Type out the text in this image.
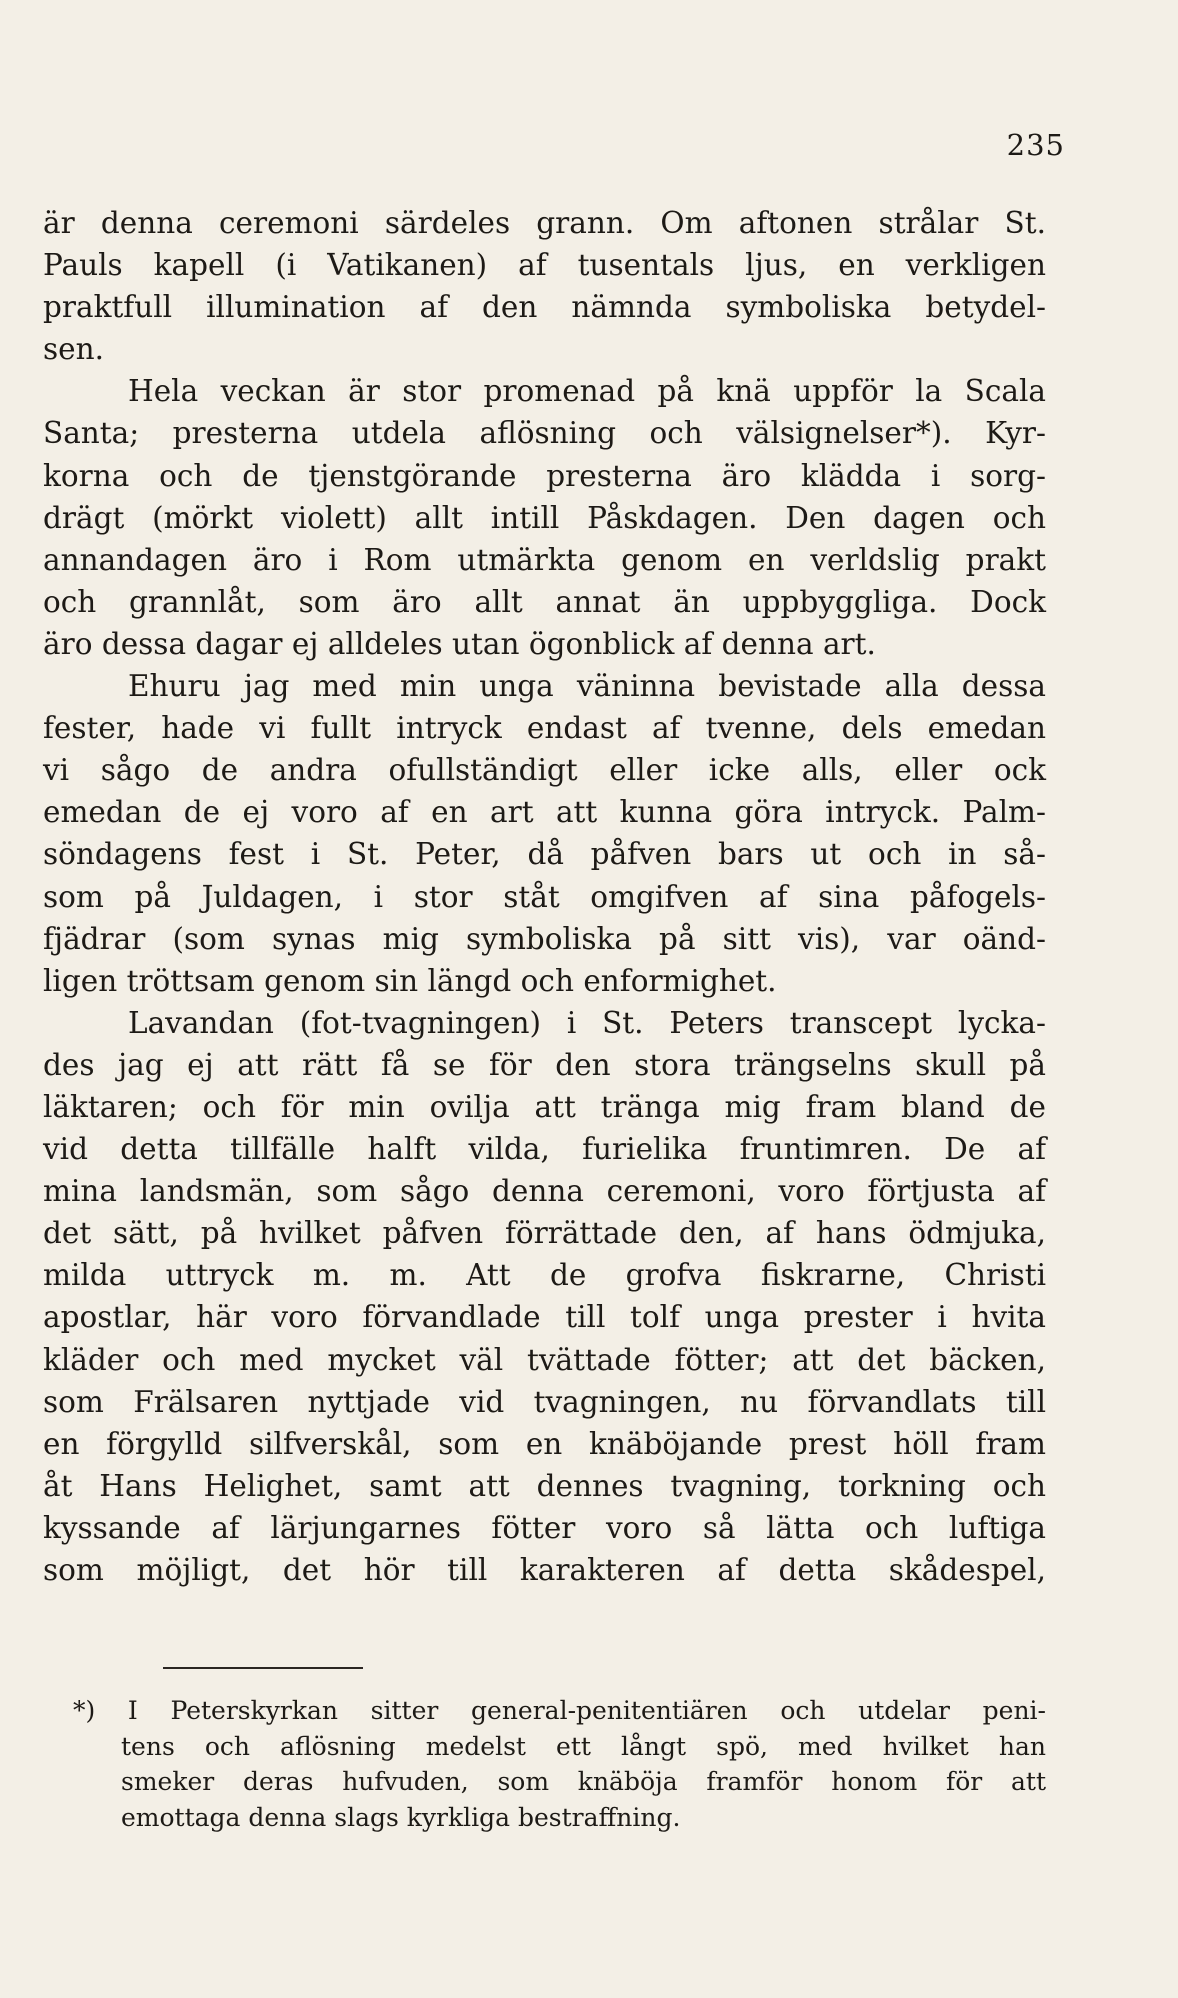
235
är denna ceremoni särdeles grann. Om aftonen strålar St.
Pauls kapell (i Vatikanen) af tusentals ljus, en verkligen
praktfull illumination af den nämnda symboliska betydel-
sen.
Hela veckan är stor promenad på knä uppför la Scala
Santa; presterna utdela aflösning och välsignelser*). Kyr-
korna och de tjenstgörande presterna äro klädda i sorg-
drägt (mörkt violett) allt intill Påskdagen. Den dagen och
annandagen äro i Rom utmärkta genom en verldslig prakt
och grannlåt, som äro allt annat än uppbyggliga. Dock
äro dessa dagar ej alldeles utan ögonblick af denna art.
Ehuru jag med min unga väninna bevistade alla dessa
fester, hade vi fullt intryck endast af tvenne, dels emedan
vi sågo de andra ofullständigt eller icke alls, eller ock
emedan de ej voro af en art att kunna göra intryck. Palm-
söndagens fest i St. Peter, då påfven bars ut och in så-
som på Juldagen, i stor ståt omgifven af sina påfogels-
fjädrar (som synas mig symboliska på sitt vis), var oänd-
ligen tröttsam genom sin längd och enformighet.
Lavandan (fot-tvagningen) i St. Peters transcept lycka-
des jag ej att rätt få se för den stora trängselns skull på
läktaren; och för min ovilja att tränga mig fram bland de
vid detta tillfälle halft vilda, furielika fruntimren. De af
mina landsmän, som sågo denna ceremoni, voro förtjusta af
det sätt, på hvilket påfven förrättade den, af hans ödmjuka,
milda uttryck m. m. Att de grofva fiskrarne, Christi
apostlar, här voro förvandlade till tolf unga prester i hvita
kläder och med mycket väl tvättade fötter; att det bäcken,
som Frälsaren nyttjade vid tvagningen, nu förvandlats till
en förgylld silfverskål, som en knäböjande prest höll fram
åt Hans Helighet, samt att dennes tvagning, torkning och
kyssande af lärjungarnes fötter voro så lätta och luftiga
som möjligt, det hör till karakteren af detta skådespel,
*) I Peterskyrkan sitter general-penitentiären och utdelar peni-
tens och aflösning medelst ett långt spö, med hvilket han
smeker deras hufvuden, som knäböja framför honom för att
emottaga denna slags kyrkliga bestraffning.
